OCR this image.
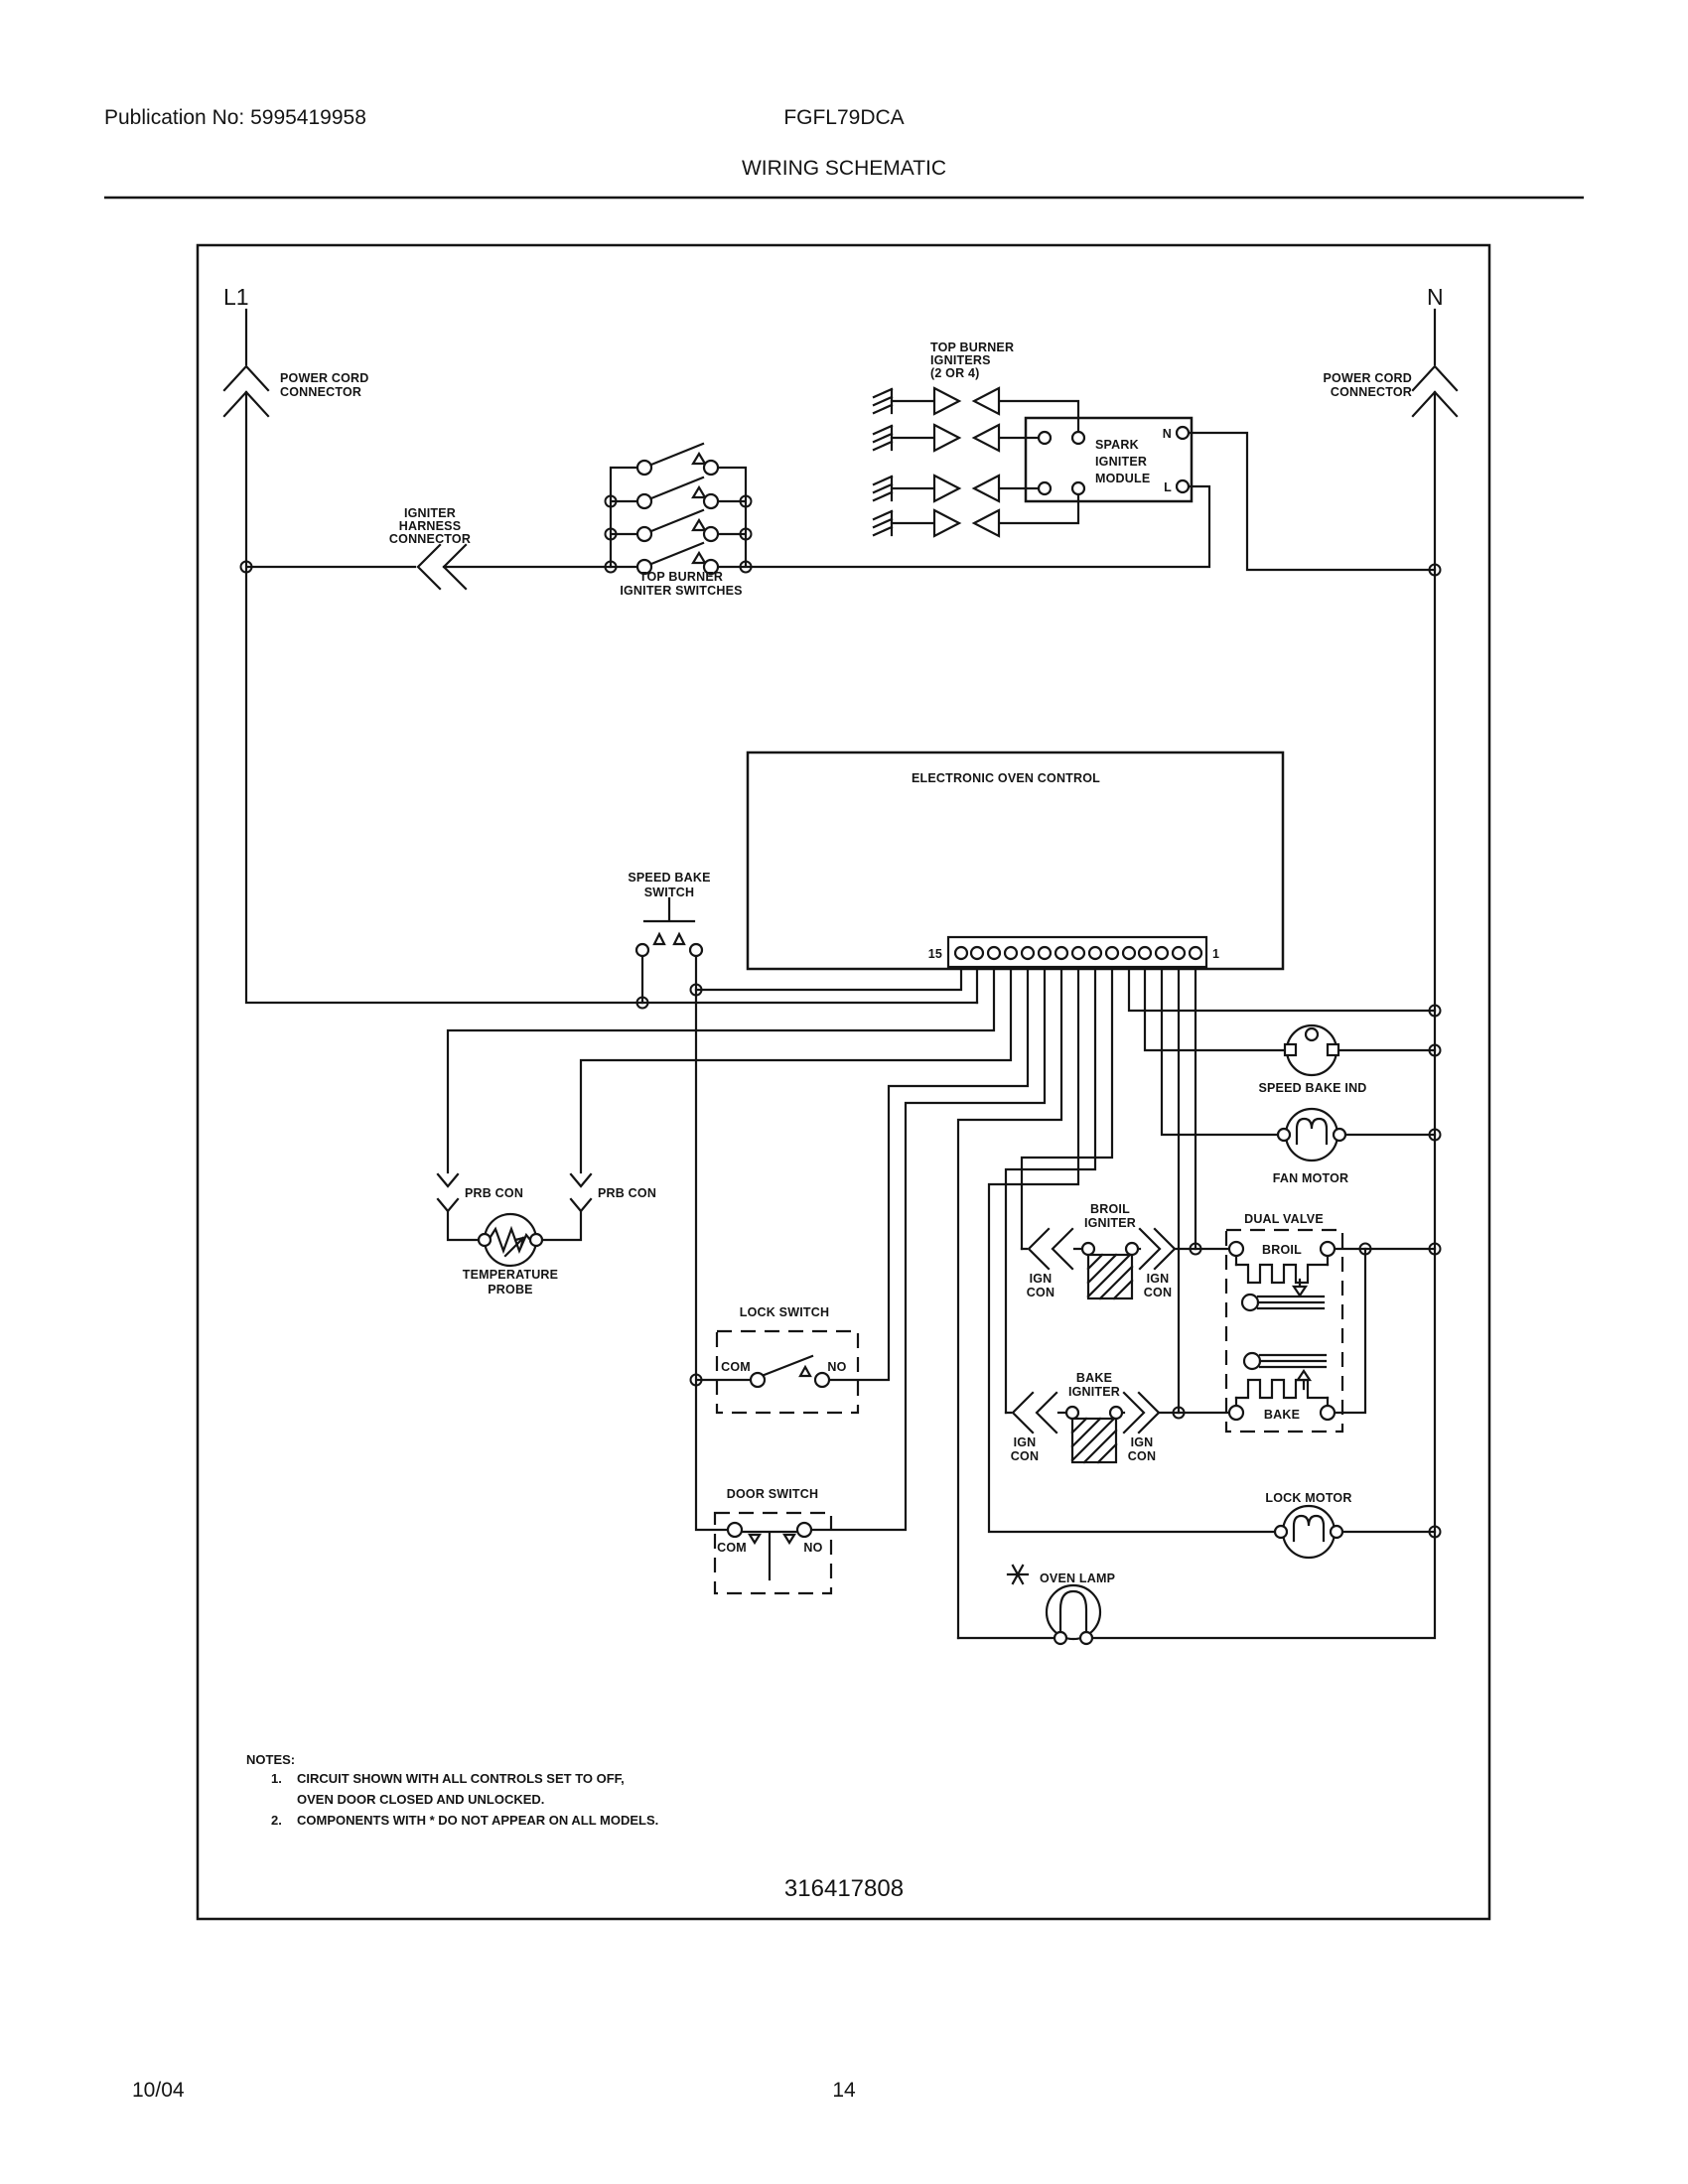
Publication No: 5995419958	FGFL79DCA
WIRING SCHEMATIC
L1	N
POWER CORD
CONNECTOR
POWER CORD
CONNECTOR
IGNITER
HARNESS
CONNECTOR
TOP BURNER
IGNITER SWITCHES
TOP BURNER
IGNITERS
(2 OR 4)
SPARK
IGNITER
MODULE
N
L
ELECTRONIC OVEN CONTROL
15	1
SPEED BAKE
SWITCH
SPEED BAKE IND
FAN MOTOR
PRB CON	PRB CON
TEMPERATURE
PROBE
LOCK SWITCH
COM	NO
DOOR SWITCH
COM	NO
BROIL
IGNITER
BAKE
IGNITER
IGN
CON
IGN
CON
IGN
CON
IGN
CON
DUAL VALVE
BROIL
BAKE
LOCK MOTOR
OVEN LAMP
NOTES:
1. CIRCUIT SHOWN WITH ALL CONTROLS SET TO OFF,
OVEN DOOR CLOSED AND UNLOCKED.
2. COMPONENTS WITH * DO NOT APPEAR ON ALL MODELS.
316417808
10/04	14
